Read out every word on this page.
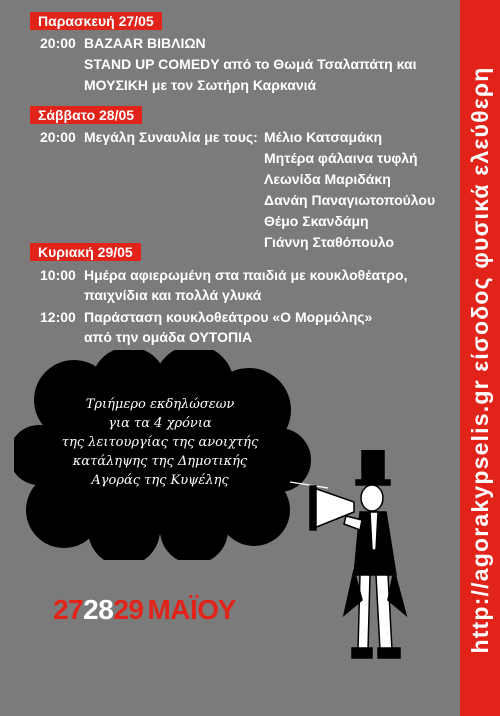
http://agorakypselis.gr είσοδος φυσικά ελεύθερη
Παρασκευή 27/05
20:00 BAZAAR ΒΙΒΛΙΩΝ
STAND UP COMEDY από το Θωμά Τσαλαπάτη και
ΜΟΥΣΙΚΗ με τον Σωτήρη Καρκανιά
Σάββατο 28/05
20:00 Μεγάλη Συναυλία με τους: Μέλιο Κατσαμάκη
Μητέρα φάλαινα τυφλή
Λεωνίδα Μαριδάκη
Δανάη Παναγιωτοπούλου
Θέμο Σκανδάμη
Γιάννη Σταθόπουλο
Κυριακή 29/05
10:00 Ημέρα αφιερωμένη στα παιδιά με κουκλοθέατρο,
παιχνίδια και πολλά γλυκά
12:00 Παράσταση κουκλοθεάτρου «Ο Μορμόλης»
από την ομάδα ΟΥΤΟΠΙΑ
Τριήμερο εκδηλώσεων
για τα 4 χρόνια
της λειτουργίας της ανοιχτής
κατάληψης της Δημοτικής
Αγοράς της Κυψέλης
272829 ΜΑΪΟΥ
